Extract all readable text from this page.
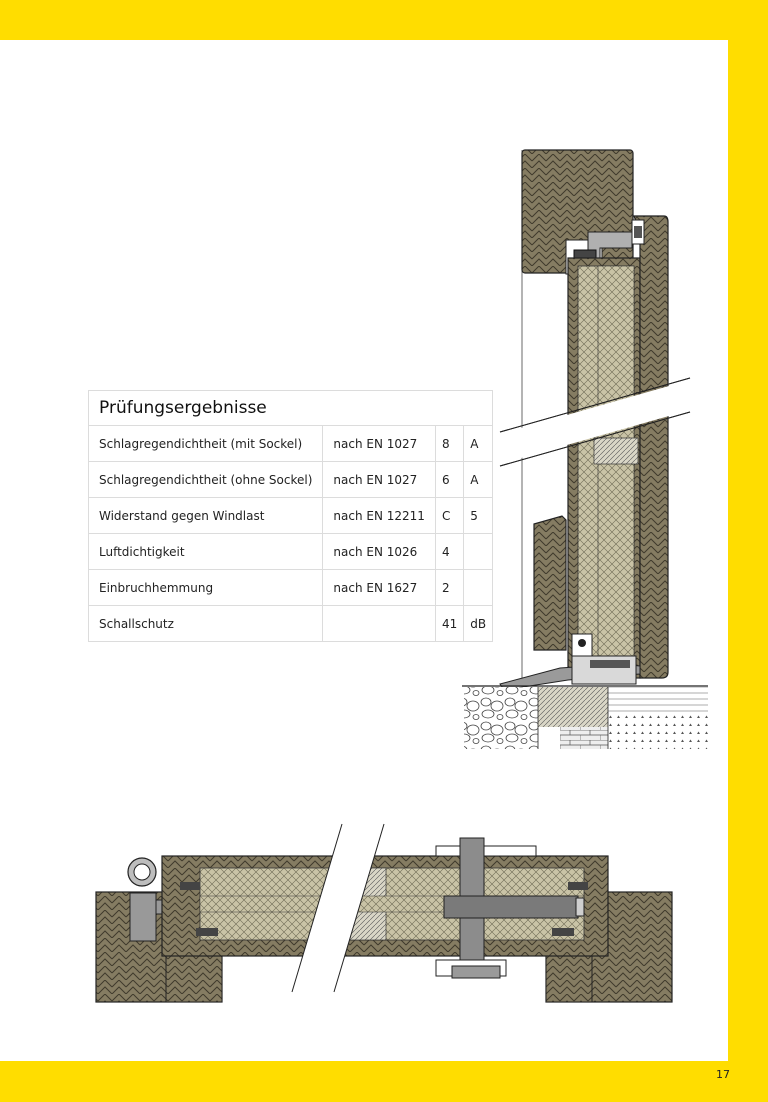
Prüfungsergebnisse			
Schlagregendichtheit (mit Sockel)	nach EN 1027	8	A
Schlagregendichtheit (ohne Sockel)	nach EN 1027	6	A
Widerstand gegen Windlast	nach EN 12211	C	5
Luftdichtigkeit	nach EN 1026	4	
Einbruchhemmung	nach EN 1627	2	
Schallschutz		41	dB
17
